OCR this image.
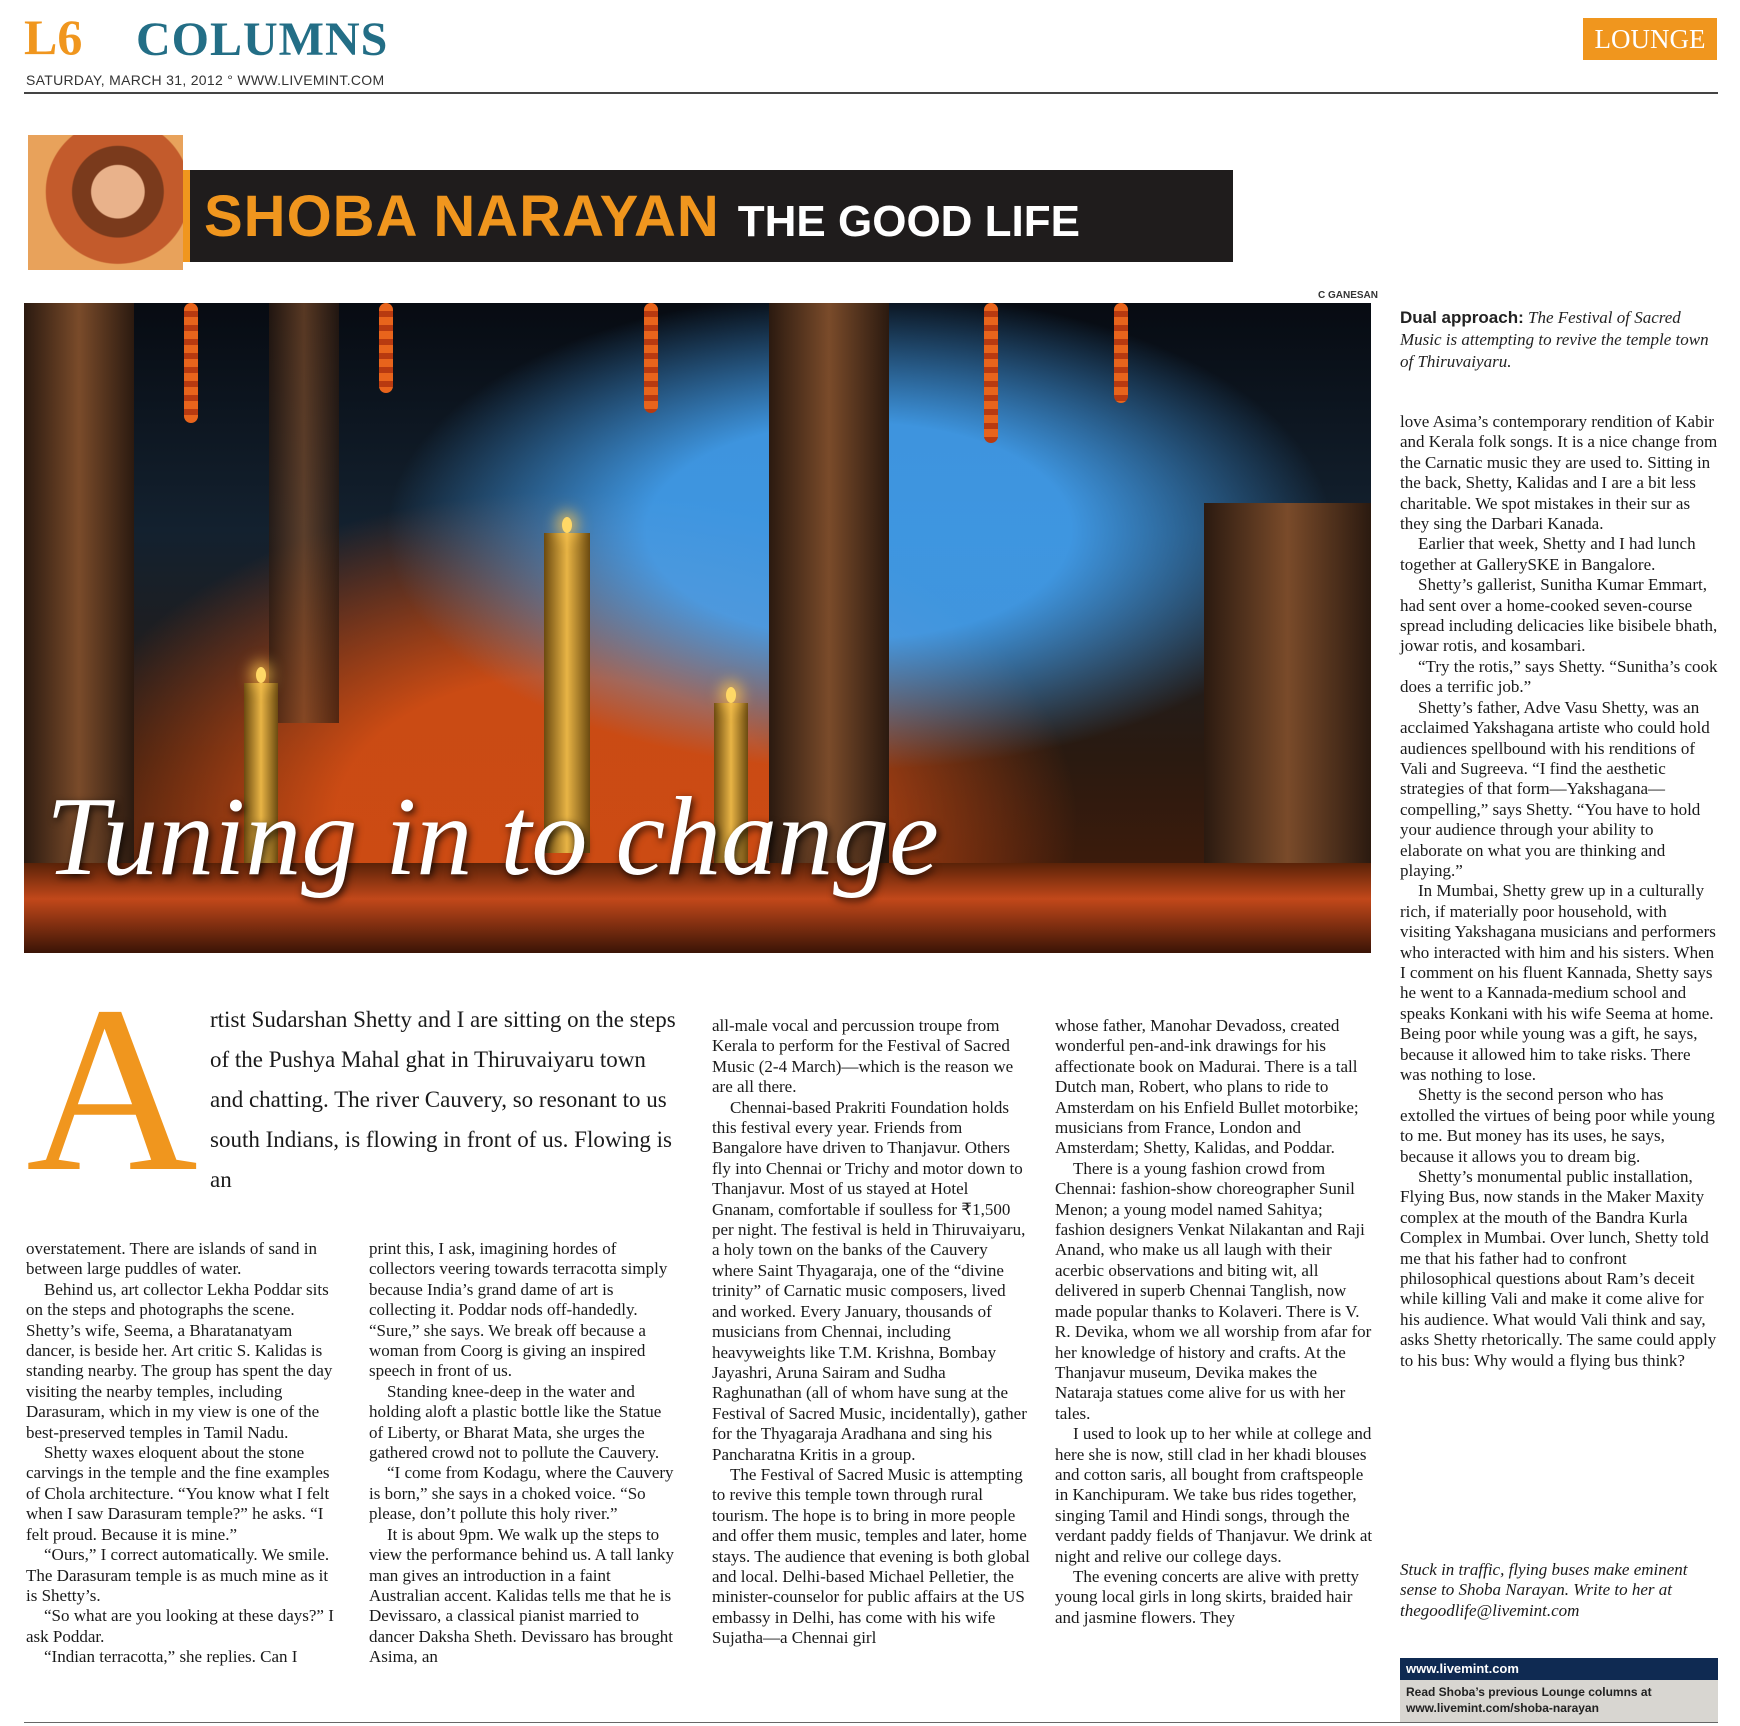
L6 COLUMNS
SATURDAY, MARCH 31, 2012 ° WWW.LIVEMINT.COM
LOUNGE
SHOBA NARAYAN THE GOOD LIFE
C GANESAN
Tuning in to change
Dual approach: The Festival of Sacred Music is attempting to revive the temple town of Thiruvaiyaru.
A rtist Sudarshan Shetty and I are sitting on the steps of the Pushya Mahal ghat in Thiruvaiyaru town and chatting. The river Cauvery, so resonant to us south Indians, is flowing in front of us. Flowing is an

overstatement. There are islands of sand in between large puddles of water.

Behind us, art collector Lekha Poddar sits on the steps and photographs the scene. Shetty’s wife, Seema, a Bharatanatyam dancer, is beside her. Art critic S. Kalidas is standing nearby. The group has spent the day visiting the nearby temples, including Darasuram, which in my view is one of the best-preserved temples in Tamil Nadu.

Shetty waxes eloquent about the stone carvings in the temple and the fine examples of Chola architecture. “You know what I felt when I saw Darasuram temple?” he asks. “I felt proud. Because it is mine.”

“Ours,” I correct automatically. We smile. The Darasuram temple is as much mine as it is Shetty’s.

“So what are you looking at these days?” I ask Poddar.

“Indian terracotta,” she replies. Can I

print this, I ask, imagining hordes of collectors veering towards terracotta simply because India’s grand dame of art is collecting it. Poddar nods off-handedly. “Sure,” she says. We break off because a woman from Coorg is giving an inspired speech in front of us.

Standing knee-deep in the water and holding aloft a plastic bottle like the Statue of Liberty, or Bharat Mata, she urges the gathered crowd not to pollute the Cauvery.

“I come from Kodagu, where the Cauvery is born,” she says in a choked voice. “So please, don’t pollute this holy river.”

It is about 9pm. We walk up the steps to view the performance behind us. A tall lanky man gives an introduction in a faint Australian accent. Kalidas tells me that he is Devissaro, a classical pianist married to dancer Daksha Sheth. Devissaro has brought Asima, an

all-male vocal and percussion troupe from Kerala to perform for the Festival of Sacred Music (2-4 March)—which is the reason we are all there.

Chennai-based Prakriti Foundation holds this festival every year. Friends from Bangalore have driven to Thanjavur. Others fly into Chennai or Trichy and motor down to Thanjavur. Most of us stayed at Hotel Gnanam, comfortable if soulless for ₹1,500 per night. The festival is held in Thiruvaiyaru, a holy town on the banks of the Cauvery where Saint Thyagaraja, one of the “divine trinity” of Carnatic music composers, lived and worked. Every January, thousands of musicians from Chennai, including heavyweights like T.M. Krishna, Bombay Jayashri, Aruna Sairam and Sudha Raghunathan (all of whom have sung at the Festival of Sacred Music, incidentally), gather for the Thyagaraja Aradhana and sing his Pancharatna Kritis in a group.

The Festival of Sacred Music is attempting to revive this temple town through rural tourism. The hope is to bring in more people and offer them music, temples and later, home stays. The audience that evening is both global and local. Delhi-based Michael Pelletier, the minister-counselor for public affairs at the US embassy in Delhi, has come with his wife Sujatha—a Chennai girl

whose father, Manohar Devadoss, created wonderful pen-and-ink drawings for his affectionate book on Madurai. There is a tall Dutch man, Robert, who plans to ride to Amsterdam on his Enfield Bullet motorbike; musicians from France, London and Amsterdam; Shetty, Kalidas, and Poddar.

There is a young fashion crowd from Chennai: fashion-show choreographer Sunil Menon; a young model named Sahitya; fashion designers Venkat Nilakantan and Raji Anand, who make us all laugh with their acerbic observations and biting wit, all delivered in superb Chennai Tanglish, now made popular thanks to Kolaveri. There is V. R. Devika, whom we all worship from afar for her knowledge of history and crafts. At the Thanjavur museum, Devika makes the Nataraja statues come alive for us with her tales.

I used to look up to her while at college and here she is now, still clad in her khadi blouses and cotton saris, all bought from craftspeople in Kanchipuram. We take bus rides together, singing Tamil and Hindi songs, through the verdant paddy fields of Thanjavur. We drink at night and relive our college days.

The evening concerts are alive with pretty young local girls in long skirts, braided hair and jasmine flowers. They

love Asima’s contemporary rendition of Kabir and Kerala folk songs. It is a nice change from the Carnatic music they are used to. Sitting in the back, Shetty, Kalidas and I are a bit less charitable. We spot mistakes in their sur as they sing the Darbari Kanada.

Earlier that week, Shetty and I had lunch together at GallerySKE in Bangalore.

Shetty’s gallerist, Sunitha Kumar Emmart, had sent over a home-cooked seven-course spread including delicacies like bisibele bhath, jowar rotis, and kosambari.

“Try the rotis,” says Shetty. “Sunitha’s cook does a terrific job.”

Shetty’s father, Adve Vasu Shetty, was an acclaimed Yakshagana artiste who could hold audiences spellbound with his renditions of Vali and Sugreeva. “I find the aesthetic strategies of that form—Yakshagana—compelling,” says Shetty. “You have to hold your audience through your ability to elaborate on what you are thinking and playing.”

In Mumbai, Shetty grew up in a culturally rich, if materially poor household, with visiting Yakshagana musicians and performers who interacted with him and his sisters. When I comment on his fluent Kannada, Shetty says he went to a Kannada-medium school and speaks Konkani with his wife Seema at home. Being poor while young was a gift, he says, because it allowed him to take risks. There was nothing to lose.

Shetty is the second person who has extolled the virtues of being poor while young to me. But money has its uses, he says, because it allows you to dream big.

Shetty’s monumental public installation, Flying Bus, now stands in the Maker Maxity complex at the mouth of the Bandra Kurla Complex in Mumbai. Over lunch, Shetty told me that his father had to confront philosophical questions about Ram’s deceit while killing Vali and make it come alive for his audience. What would Vali think and say, asks Shetty rhetorically. The same could apply to his bus: Why would a flying bus think?

Stuck in traffic, flying buses make eminent sense to Shoba Narayan. Write to her at thegoodlife@livemint.com
www.livemint.com
Read Shoba’s previous Lounge columns at www.livemint.com/shoba-narayan
